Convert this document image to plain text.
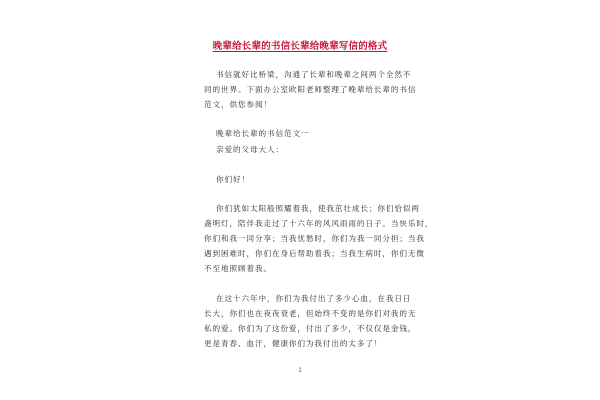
晚辈给长辈的书信长辈给晚辈写信的格式
书信就好比桥梁，沟通了长辈和晚辈之间两个全然不
同的世界。下面办公室欧阳老师整理了晚辈给长辈的书信
范文，供您参阅！
晚辈给长辈的书信范文一
亲爱的父母大人：
你们好！
你们犹如太阳般照耀着我，使我茁壮成长；你们恰似两
盏明灯，陪伴我走过了十六年的风风雨雨的日子。当快乐时，
你们和我一同分享；当我忧愁时，你们为我一同分担；当我
遇到困难时，你们在身后帮助着我；当我生病时，你们无微
不至地照顾着我。
在这十六年中，你们为我付出了多少心血，在我日日
长大，你们也在夜夜衰老，但始终不变的是你们对我的无
私的爱。你们为了这份爱，付出了多少，不仅仅是金钱，
更是青春、血汗，健康你们为我付出的太多了！
1
